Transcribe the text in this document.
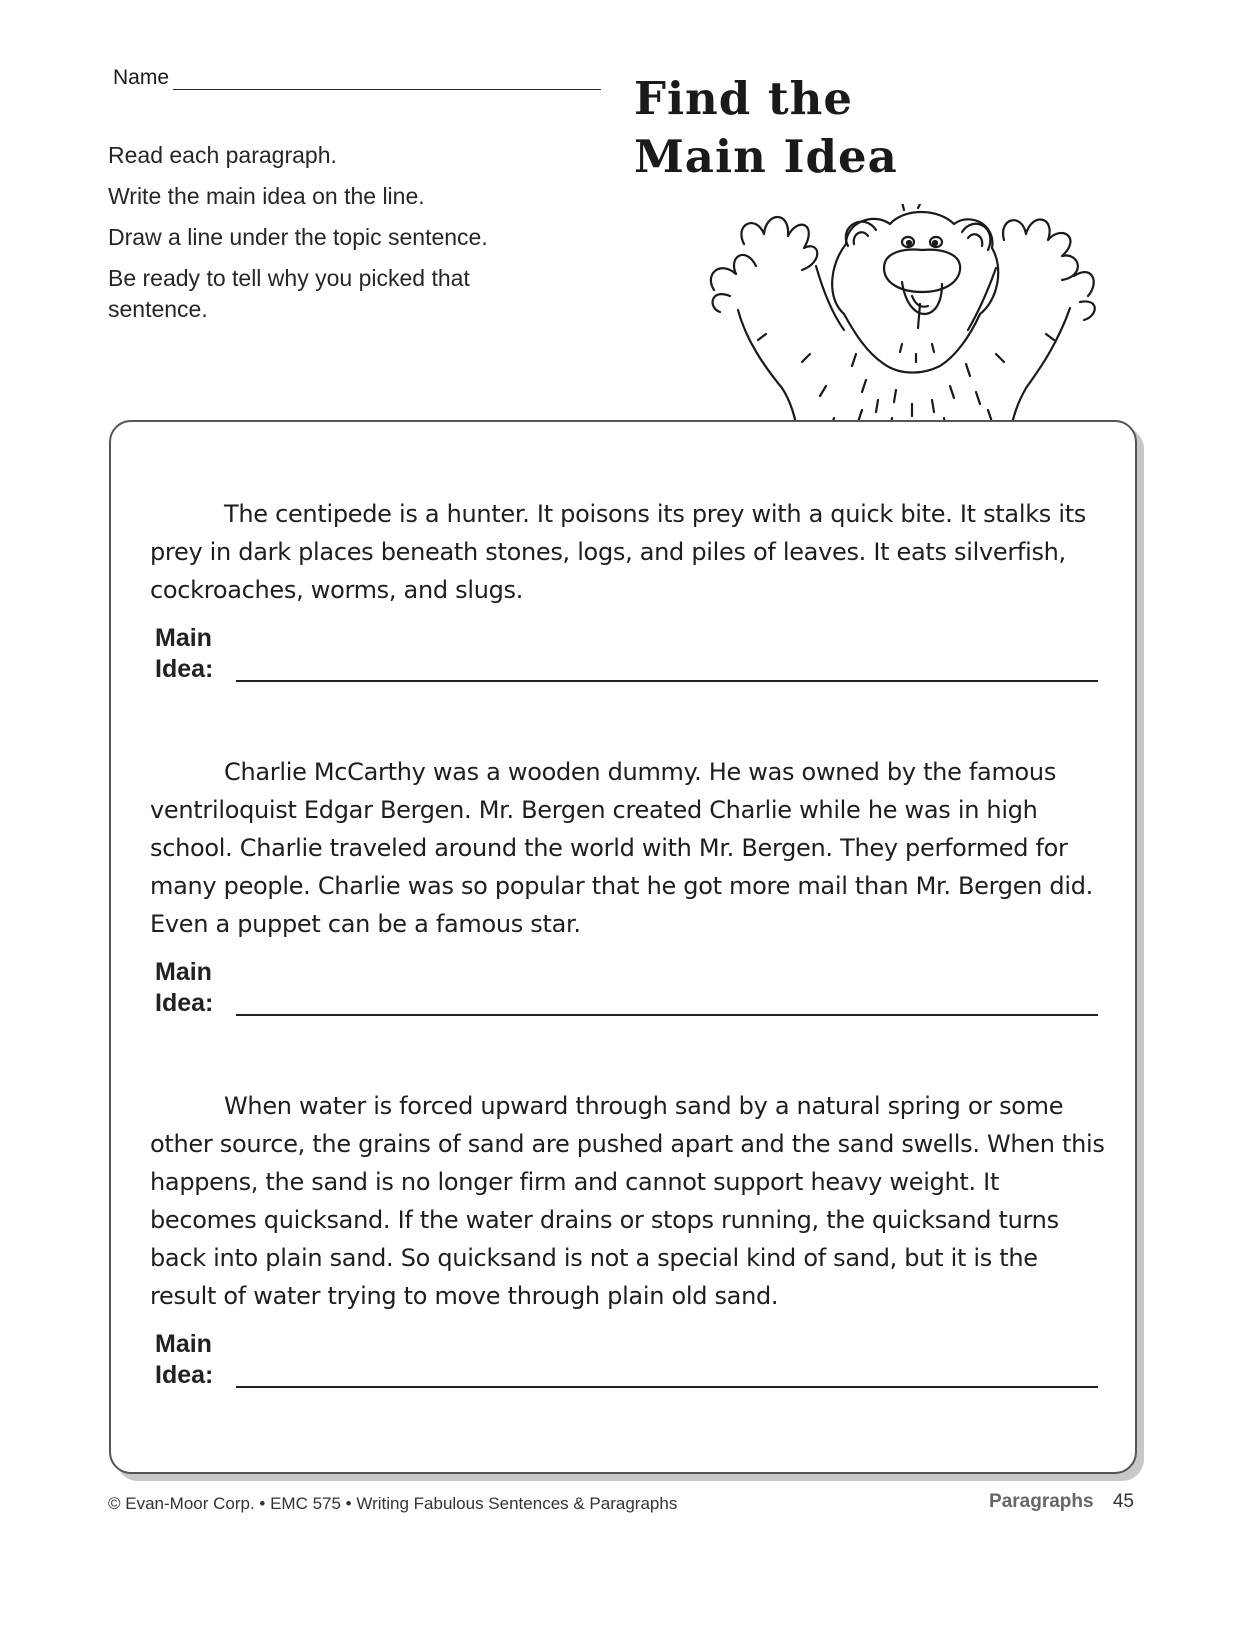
Name	Find the
Main Idea
Read each paragraph.
Write the main idea on the line.
Draw a line under the topic sentence.
Be ready to tell why you picked that sentence.

The centipede is a hunter. It poisons its prey with a quick bite. It stalks its prey in dark places beneath stones, logs, and piles of leaves. It eats silverfish, cockroaches, worms, and slugs.

Main
Idea:

Charlie McCarthy was a wooden dummy. He was owned by the famous ventriloquist Edgar Bergen. Mr. Bergen created Charlie while he was in high school. Charlie traveled around the world with Mr. Bergen. They performed for many people. Charlie was so popular that he got more mail than Mr. Bergen did. Even a puppet can be a famous star.

Main
Idea:

When water is forced upward through sand by a natural spring or some other source, the grains of sand are pushed apart and the sand swells. When this happens, the sand is no longer firm and cannot support heavy weight. It becomes quicksand. If the water drains or stops running, the quicksand turns back into plain sand. So quicksand is not a special kind of sand, but it is the result of water trying to move through plain old sand.

Main
Idea:
© Evan-Moor Corp. • EMC 575 • Writing Fabulous Sentences & Paragraphs	Paragraphs 45
